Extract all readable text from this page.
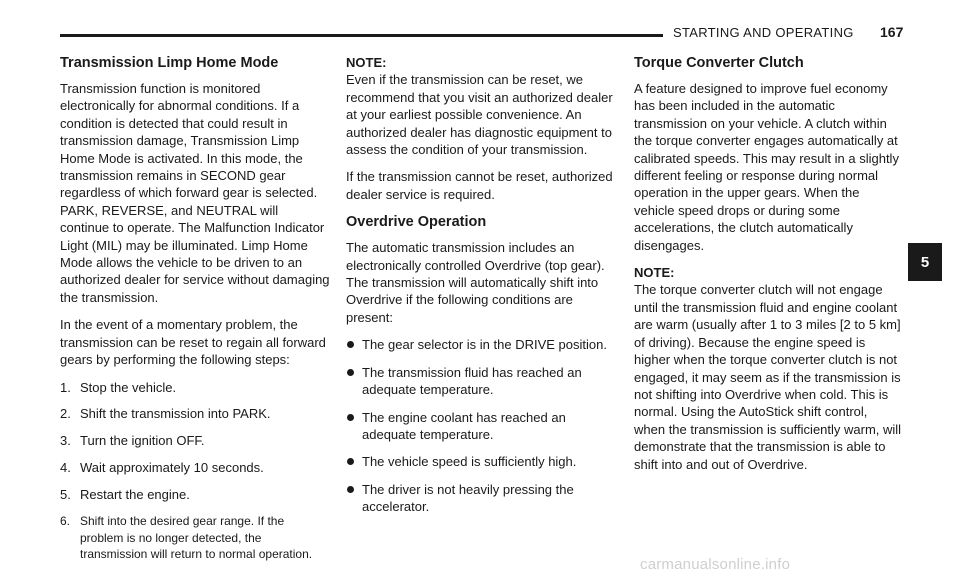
STARTING AND OPERATING 167
Transmission Limp Home Mode

Transmission function is monitored electronically for abnormal conditions. If a condition is detected that could result in transmission damage, Transmission Limp Home Mode is activated. In this mode, the transmission remains in SECOND gear regardless of which forward gear is selected. PARK, REVERSE, and NEUTRAL will continue to operate. The Malfunction Indicator Light (MIL) may be illuminated. Limp Home Mode allows the vehicle to be driven to an authorized dealer for service without damaging the transmission.

In the event of a momentary problem, the transmission can be reset to regain all forward gears by performing the following steps:

1. Stop the vehicle.
2. Shift the transmission into PARK.
3. Turn the ignition OFF.
4. Wait approximately 10 seconds.
5. Restart the engine.
6. Shift into the desired gear range. If the problem is no longer detected, the transmission will return to normal operation.

NOTE:
Even if the transmission can be reset, we recommend that you visit an authorized dealer at your earliest possible convenience. An authorized dealer has diagnostic equipment to assess the condition of your transmission.

If the transmission cannot be reset, authorized dealer service is required.

Overdrive Operation

The automatic transmission includes an electronically controlled Overdrive (top gear). The transmission will automatically shift into Overdrive if the following conditions are present:

The gear selector is in the DRIVE position.
The transmission fluid has reached an adequate temperature.
The engine coolant has reached an adequate temperature.
The vehicle speed is sufficiently high.
The driver is not heavily pressing the accelerator.
Torque Converter Clutch

A feature designed to improve fuel economy has been included in the automatic transmission on your vehicle. A clutch within the torque converter engages automatically at calibrated speeds. This may result in a slightly different feeling or response during normal operation in the upper gears. When the vehicle speed drops or during some accelerations, the clutch automatically disengages.

NOTE:
The torque converter clutch will not engage until the transmission fluid and engine coolant are warm (usually after 1 to 3 miles [2 to 5 km] of driving). Because the engine speed is higher when the torque converter clutch is not engaged, it may seem as if the transmission is not shifting into Overdrive when cold. This is normal. Using the AutoStick shift control, when the transmission is sufficiently warm, will demonstrate that the transmission is able to shift into and out of Overdrive.

5
carmanualsonline.info
